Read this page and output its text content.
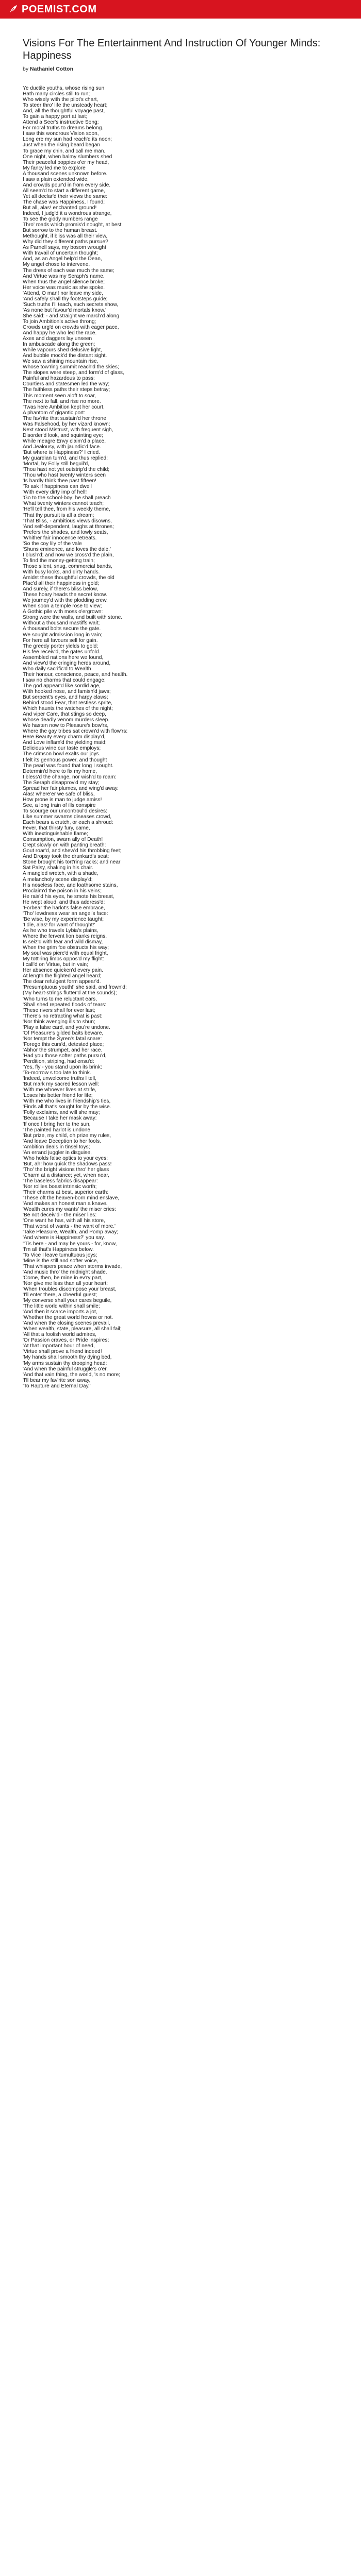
POEMIST.COM
Visions For The Entertainment And Instruction Of Younger Minds: Happiness
by Nathaniel Cotton
Ye ductile youths, whose rising sun
Hath many circles still to run;
Who wisely with the pilot's chart,
To steer thro' life the unsteady heart;
And, all the thoughtful voyage past,
To gain a happy port at last;
Attend a Seer's instructive Song;
For moral truths to dreams belong.
I saw this wondrous Vision soon,
Long ere my sun had reach'd its noon;
Just when the rising beard began
To grace my chin, and call me man.
One night, when balmy slumbers shed
Their peaceful poppies o'er my head,
My fancy led me to explore
A thousand scenes unknown before.
I saw a plain extended wide,
And crowds pour'd in from every side.
All seem'd to start a different game,
Yet all declar'd their views the same:
The chase was Happiness, I found;
But all, alas! enchanted ground!
Indeed, I judg'd it a wondrous strange,
To see the giddy numbers range
Thro' roads which promis'd nought, at best
But sorrow to the human breast.
Methought, if bliss was all their view,
Why did they different paths pursue?
As Parnell says, my bosom wrought
With travail of uncertain thought;
And, as an Angel help'd the Dean,
My angel chose to intervene.
The dress of each was much the same;
And Virtue was my Seraph's name.
When thus the angel silence broke;
Her voice was music as she spoke.
'Attend, O man! nor leave my side,
'And safely shall thy footsteps guide;
'Such truths I'll teach, such secrets show,
'As none but favour'd mortals know.'
She said: - and straight we march'd along
To join Ambition's active throng;
Crowds urg'd on crowds with eager pace,
And happy he who led the race.
Axes and daggers lay unseen
In ambuscade along the green;
While vapours shed delusive light,
And bubble mock'd the distant sight.
We saw a shining mountain rise,
Whose tow'ring summit reach'd the skies;
The slopes were steep, and form'd of glass,
Painful and hazardous to pass:
Courtiers and statesmen led the way;
The faithless paths their steps betray;
This moment seen aloft to soar,
The next to fall, and rise no more.
'Twas here Ambition kept her court,
A phantom of gigantic port:
The fav'rite that sustain'd her throne
Was Falsehood, by her vizard known;
Next stood Mistrust, with frequent sigh,
Disorder'd look, and squinting eye;
While meagre Envy claim'd a place,
And Jealousy, with jaundic'd face.
'But where is Happiness?' I cried.
My guardian turn'd, and thus replied:
'Mortal, by Folly still beguil'd,
'Thou hast not yet outstrip'd the child;
'Thou who hast twenty winters seen
'Is hardly think thee past fifteen!
'To ask if happiness can dwell
'With every dirty imp of hell!
'Go to the school-boy; he shall preach
'What twenty winters cannot teach;
'He'll tell thee, from his weekly theme,
'That thy pursuit is all a dream;
'That Bliss, - ambitious views disowns,
'And self-dependent, laughs at thrones;
'Prefers the shades, and lowly seats,
'Whither fair innocence retreats.
'So the coy lily of the vale
'Shuns eminence, and loves the dale.'
I blush'd; and now we cross'd the plain,
To find the money-getting train;
Those silent, snug, commercial bands,
With busy looks, and dirty hands.
Amidst these thoughtful crowds, the old
Plac'd all their happiness in gold;
And surely, if there's bliss below,
These hoary heads the secret know.
We journey'd with the plodding crew,
When soon a temple rose to view;
A Gothic pile with moss o'ergrown:
Strong were the walls, and built with stone.
Without a thousand mastiffs wait;
A thousand bolts secure the gate.
We sought admission long in vain;
For here all favours sell for gain.
The greedy porter yields to gold;
His fee receiv'd, the gates unfold.
Assembled nations here we found,
And view'd the cringing herds around,
Who daily sacrific'd to Wealth
Their honour, conscience, peace, and health.
I saw no charms that could engage;
The god appear'd like sordid age,
With hooked nose, and famish'd jaws;
But serpent's eyes, and harpy claws;
Behind stood Fear, that restless sprite,
Which haunts the watches of the night;
And viper Care, that stings so deep,
Whose deadly venom murders sleep.
We hasten now to Pleasure's bow'rs,
Where the gay tribes sat crown'd with flow'rs:
Here Beauty every charm display'd,
And Love inflam'd the yielding maid;
Delicious wine our taste employs;
The crimson bowl exalts our joys.
I felt its gen'rous power, and thought
The pearl was found that long I sought.
Determin'd here to fix my home,
I bless'd the change, nor wish'd to roam:
The Seraph disapprov'd my stay;
Spread her fair plumes, and wing'd away.
Alas! where'er we safe of bliss,
How prone is man to judge amiss!
See, a long train of ills conspire
To scourge our uncontroul'd desires:
Like summer swarms diseases crowd,
Each bears a crutch, or each a shroud:
Fever, that thirsty fury, came,
With inextinguishable flame;
Consumption, swarn ally of Death!
Crept slowly on with panting breath:
Gout roar'd, and shew'd his throbbing feet;
And Dropsy took the drunkard's seat:
Stone brought his tort'ring racks; and near
Sat Palsy, shaking in his chair.
A mangled wretch, with a shade,
A melancholy scene display'd;
His noseless face, and loathsome stains,
Proclaim'd the poison in his veins;
He rais'd his eyes, he smote his breast,
He wept aloud, and thus address'd:
'Forbear the harlot's false embrace,
'Tho' lewdness wear an angel's face:
'Be wise, by my experience taught;
'I die, alas! for want of thought!'
As he who travels Lybia's plains,
Where the fervent lion banks reigns,
Is seiz'd with fear and wild dismay,
When the grim foe obstructs his way;
My soul was pierc'd with equal fright,
My tott'ring limbs oppos'd my flight:
I call'd on Virtue, but in vain;
Her absence quicken'd every pain.
At length the flighted angel heard;
The dear refulgent form appear'd.
'Presumptuous youth!' she said, and frown'd;
(My heart-strings flutter'd at the sounds);
'Who turns to me reluctant ears,
'Shall shed repeated floods of tears:
'These rivers shall for ever last;
'There's no retracting what is past:
'Nor think avenging ills to shun;
'Play a false card, and you're undone.
'Of Pleasure's gilded baits beware,
'Nor tempt the Syren's fatal snare:
'Forego this curs'd, detested place;
'Abhor the strumpet, and her race.
'Had you those softer paths pursu'd,
'Perdition, striping, had ensu'd:
'Yes, fly - you stand upon its brink:
'To-morrow s too late to think.
'Indeed, unwelcome truths I tell,
'But mark my sacred lesson well:
'With me whoever lives at strife,
'Loses his better friend for life;
'With me who lives in friendship's ties,
'Finds all that's sought for by the wise.
'Folly exclaims, and will she may;
'Because I take her mask away:
'If once I bring her to the sun,
'The painted harlot is undone.
'But prize, my child, oh prize my rules,
'And leave Deception to her fools.
'Ambition deals in tinsel toys;
'An errand juggler in disguise,
'Who holds false optics to your eyes:
'But, ah! how quick the shadows pass!
'Tho' the bright visions thro' her glass
'Charm at a distance; yet, when near,
'The baseless fabrics disappear:
'Nor rollies boast intrinsic worth;
'Their charms at best, superior earth:
'These oft the heaven-born mind enslave,
'And makes an honest man a knave.
'Wealth cures my wants' the miser cries:
'Be not deceiv'd - the miser lies:
'One want he has, with all his store,
'That worst of wants - the want of more.'
'Take Pleasure, Wealth, and Pomp away;
'And where is Happiness?' you say.
''Tis here - and may be yours - for, know,
'I'm all that's Happiness below.
'To Vice I leave tumultuous joys;
'Mine is the still and softer voice,
'That whispers peace when storms invade,
'And music thro' the midnight shade.
'Come, then, be mine in ev'ry part,
'Nor give me less than all your heart:
'When troubles discompose your breast,
'I'll enter there, a cheerful guest;
'My converse shall your cares beguile,
'The little world within shall smile;
'And then it scarce imports a jot,
'Whether the great world frowns or not.
'And when the closing scenes prevail,
'When wealth, state, pleasure, all shall fail;
'All that a foolish world admires,
'Or Passion craves, or Pride inspires;
'At that important hour of need,
'Virtue shall prove a friend indeed!
'My hands shall smooth thy dying bed,
'My arms sustain thy drooping head:
'And when the painful struggle's o'er,
'And that vain thing, the world, 's no more;
'I'll bear my fav'rite son away,
'To Rapture and Eternal Day.'
